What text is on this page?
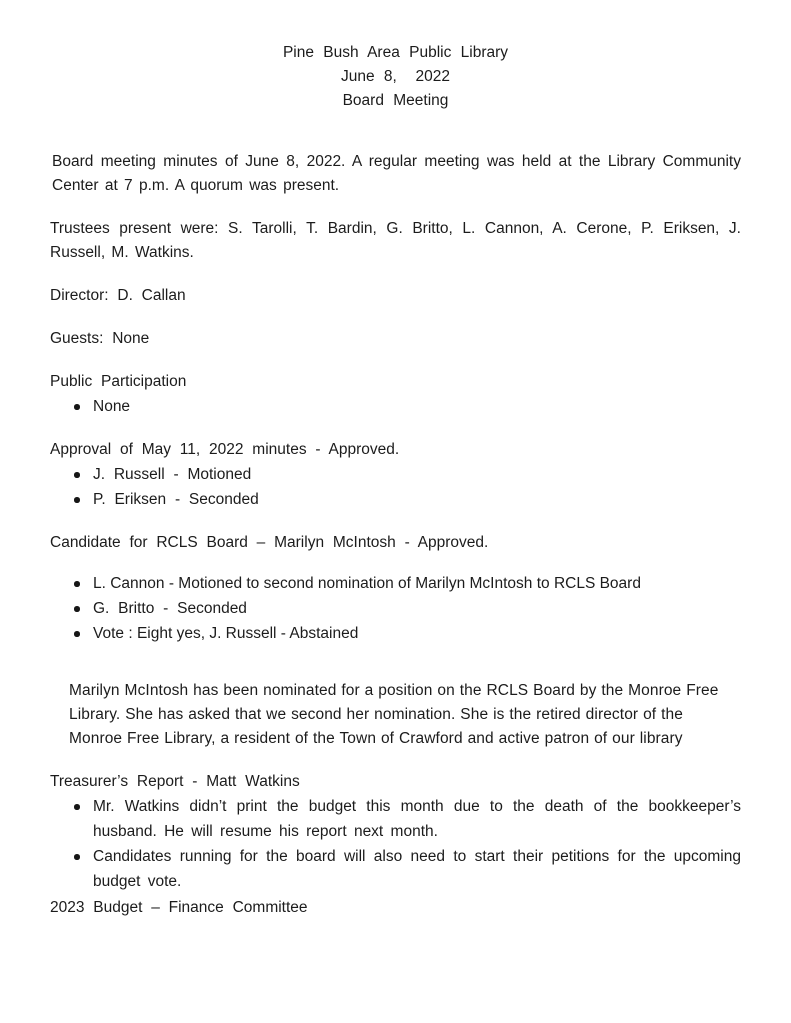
Pine Bush Area Public Library
June 8,  2022
Board Meeting

Board meeting minutes of June 8, 2022. A regular meeting was held at the Library Community Center at 7 p.m. A quorum was present.

Trustees present were: S. Tarolli, T. Bardin, G. Britto, L. Cannon, A. Cerone, P. Eriksen, J. Russell, M. Watkins.

Director: D. Callan

Guests: None

Public Participation
None
Approval of May 11, 2022 minutes - Approved.
J. Russell - Motioned
P. Eriksen - Seconded
Candidate for RCLS Board – Marilyn McIntosh - Approved.
L. Cannon - Motioned to second nomination of Marilyn McIntosh to RCLS Board
G. Britto - Seconded
Vote : Eight yes, J. Russell - Abstained
Marilyn McIntosh has been nominated for a position on the RCLS Board by the Monroe Free Library. She has asked that we second her nomination. She is the retired director of the Monroe Free Library, a resident of the Town of Crawford and active patron of our library
Treasurer’s Report - Matt Watkins
Mr. Watkins didn’t print the budget this month due to the death of the bookkeeper’s husband. He will resume his report next month.
Candidates running for the board will also need to start their petitions for the upcoming budget vote.

2023 Budget – Finance Committee
